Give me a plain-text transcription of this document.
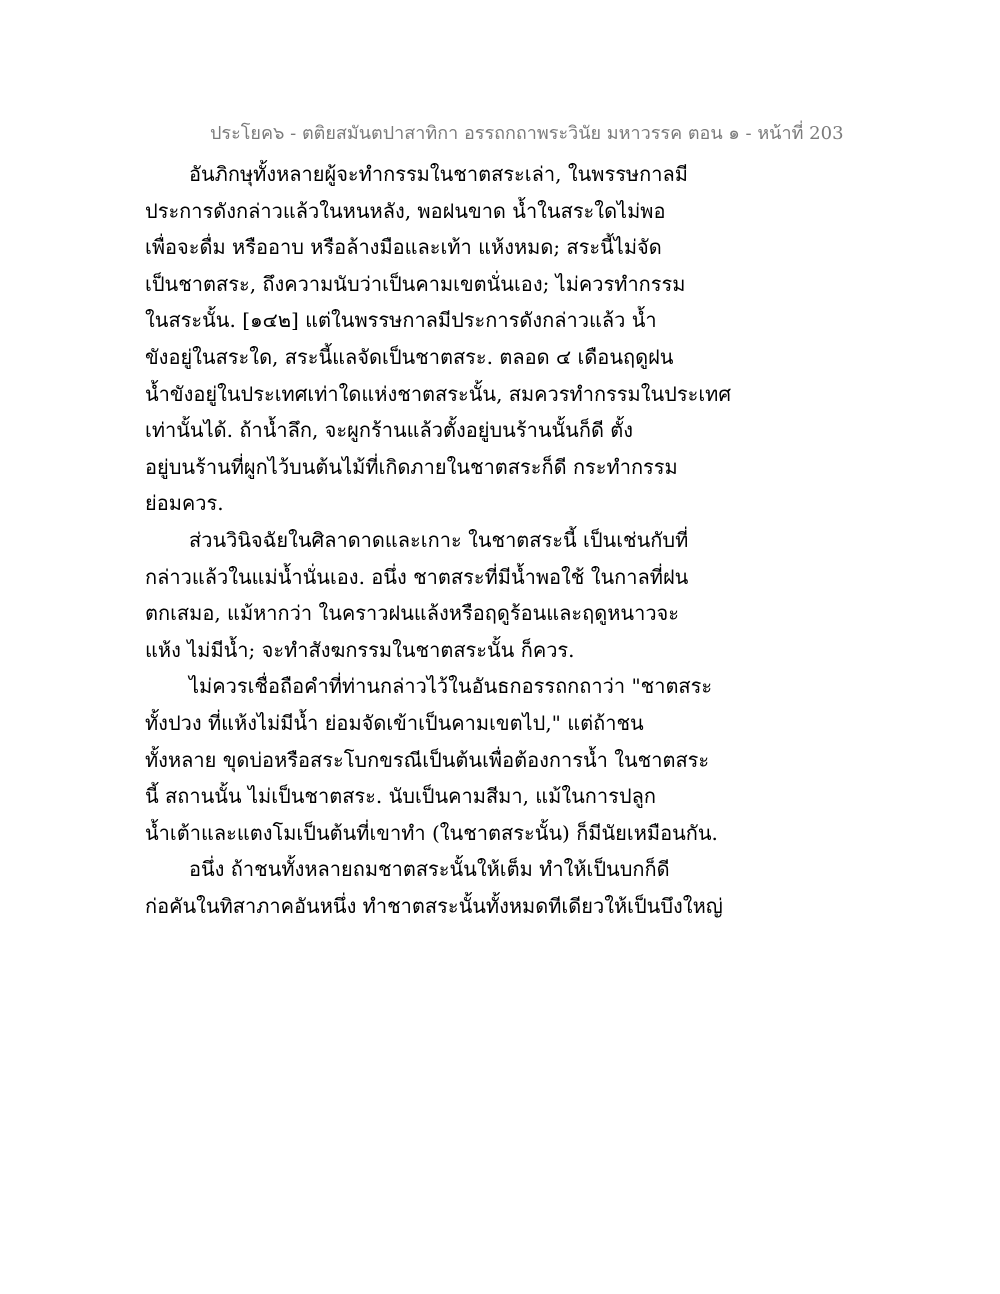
ประโยค๖ - ตติยสมันตปาสาทิกา อรรถกถาพระวินัย มหาวรรค ตอน ๑ - หน้าที่ 203
อันภิกษุทั้งหลายผู้จะทำกรรมในชาตสระเล่า, ในพรรษกาลมี
ประการดังกล่าวแล้วในหนหลัง, พอฝนขาด น้ำในสระใดไม่พอ
เพื่อจะดื่ม หรืออาบ หรือล้างมือและเท้า แห้งหมด; สระนี้ไม่จัด
เป็นชาตสระ, ถึงความนับว่าเป็นคามเขตนั่นเอง; ไม่ควรทำกรรม
ในสระนั้น. [๑๔๒] แต่ในพรรษกาลมีประการดังกล่าวแล้ว น้ำ
ขังอยู่ในสระใด, สระนี้แลจัดเป็นชาตสระ. ตลอด ๔ เดือนฤดูฝน
น้ำขังอยู่ในประเทศเท่าใดแห่งชาตสระนั้น, สมควรทำกรรมในประเทศ
เท่านั้นได้. ถ้าน้ำลึก, จะผูกร้านแล้วตั้งอยู่บนร้านนั้นก็ดี ตั้ง
อยู่บนร้านที่ผูกไว้บนต้นไม้ที่เกิดภายในชาตสระก็ดี กระทำกรรม
ย่อมควร.
ส่วนวินิจฉัยในศิลาดาดและเกาะ ในชาตสระนี้ เป็นเช่นกับที่
กล่าวแล้วในแม่น้ำนั่นเอง. อนึ่ง ชาตสระที่มีน้ำพอใช้ ในกาลที่ฝน
ตกเสมอ, แม้หากว่า ในคราวฝนแล้งหรือฤดูร้อนและฤดูหนาวจะ
แห้ง ไม่มีน้ำ; จะทำสังฆกรรมในชาตสระนั้น ก็ควร.
ไม่ควรเชื่อถือคำที่ท่านกล่าวไว้ในอันธกอรรถกถาว่า "ชาตสระ
ทั้งปวง ที่แห้งไม่มีน้ำ ย่อมจัดเข้าเป็นคามเขตไป," แต่ถ้าชน
ทั้งหลาย ขุดบ่อหรือสระโบกขรณีเป็นต้นเพื่อต้องการน้ำ ในชาตสระ
นี้ สถานนั้น ไม่เป็นชาตสระ. นับเป็นคามสีมา, แม้ในการปลูก
น้ำเต้าและแตงโมเป็นต้นที่เขาทำ (ในชาตสระนั้น) ก็มีนัยเหมือนกัน.
อนึ่ง ถ้าชนทั้งหลายถมชาตสระนั้นให้เต็ม ทำให้เป็นบกก็ดี
ก่อคันในทิสาภาคอันหนึ่ง ทำชาตสระนั้นทั้งหมดทีเดียวให้เป็นบึงใหญ่
